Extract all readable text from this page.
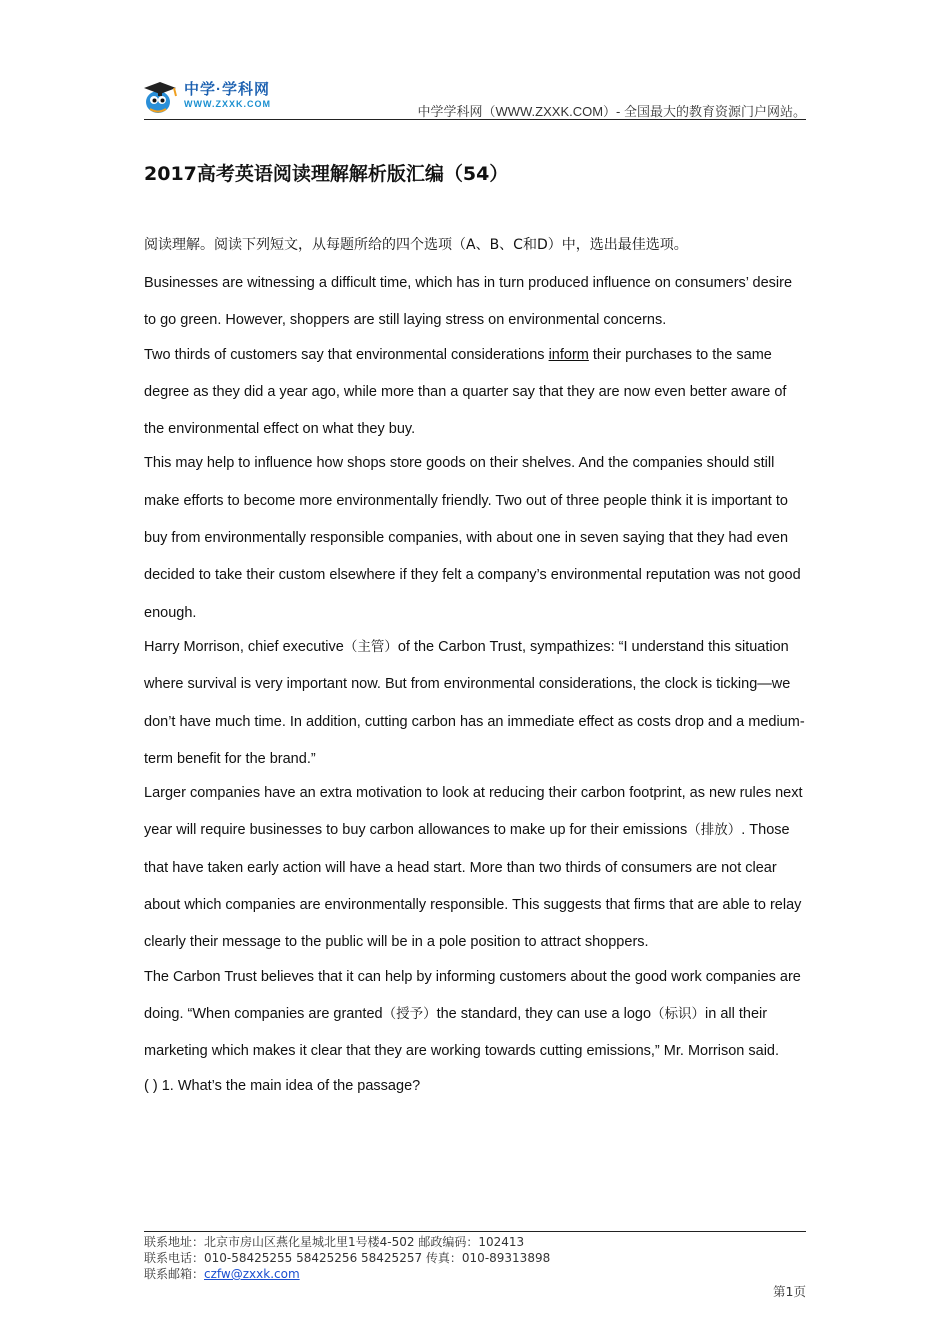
中学·学科网
WWW.ZXXK.COM	中学学科网（WWW.ZXXK.COM）- 全国最大的教育资源门户网站。
2017高考英语阅读理解解析版汇编（54）
阅读理解。阅读下列短文，从每题所给的四个选项（A、B、C和D）中，选出最佳选项。

Businesses are witnessing a difficult time, which has in turn produced influence on consumers’ desire to go green. However, shoppers are still laying stress on environmental concerns.

Two thirds of customers say that environmental considerations inform their purchases to the same degree as they did a year ago, while more than a quarter say that they are now even better aware of the environmental effect on what they buy.

This may help to influence how shops store goods on their shelves. And the companies should still make efforts to become more environmentally friendly. Two out of three people think it is important to buy from environmentally responsible companies, with about one in seven saying that they had even decided to take their custom elsewhere if they felt a company’s environmental reputation was not good enough.

Harry Morrison, chief executive（主管）of the Carbon Trust, sympathizes: “I understand this situation where survival is very important now. But from environmental considerations, the clock is ticking—we don’t have much time. In addition, cutting carbon has an immediate effect as costs drop and a medium-term benefit for the brand.”

Larger companies have an extra motivation to look at reducing their carbon footprint, as new rules next year will require businesses to buy carbon allowances to make up for their emissions（排放）. Those that have taken early action will have a head start. More than two thirds of consumers are not clear about which companies are environmentally responsible. This suggests that firms that are able to relay clearly their message to the public will be in a pole position to attract shoppers.

The Carbon Trust believes that it can help by informing customers about the good work companies are doing. “When companies are granted（授予）the standard, they can use a logo（标识）in all their marketing which makes it clear that they are working towards cutting emissions,” Mr. Morrison said.

( ) 1. What’s the main idea of the passage?

联系地址：北京市房山区燕化星城北里1号楼4-502 邮政编码：102413
联系电话：010-58425255 58425256 58425257 传真：010-89313898
联系邮箱：czfw@zxxk.com
第1页
